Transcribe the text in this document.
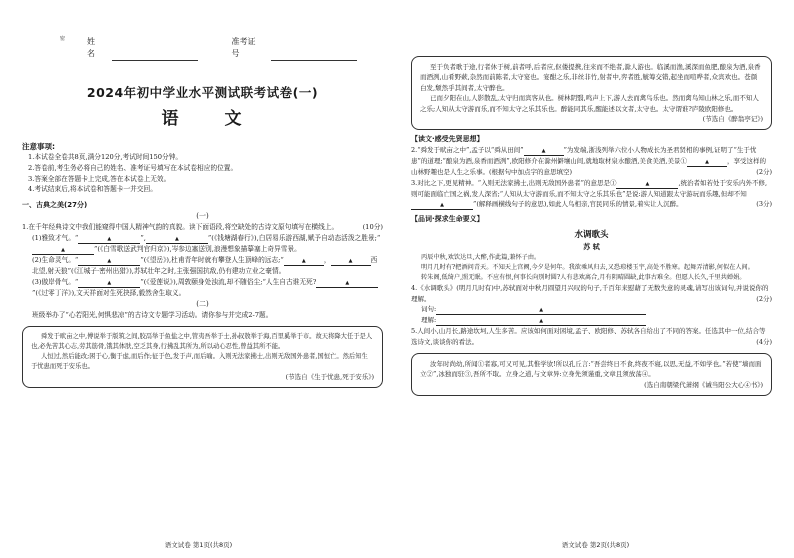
密	姓名
准考证号
2024年初中学业水平测试联考试卷(一)
语 文
注意事项:
1.本试卷全卷共8页,满分120分,考试时间150分钟。
2.答卷前,考生务必将自己的姓名、准考证号填写在本试卷相应的位置。
3.答案全部在答题卡上完成,答在本试卷上无效。
4.考试结束后,将本试卷和答题卡一并交回。
一、古典之美(27分)
(一)
1.在千年经典诗文中我们能窥得中国人精神气韵的真貌。读下面语段,将空缺处的古诗文原句填写在横线上。	(10分)
(1)雅致才气。“	▲	”,	▲	”(《钱塘湖春行》),白居易乐游西湖,赋予自动态活泼之胜景;“▲	”(《白雪歌送武判官归京》),岑参边塞送别,浪漫想象描摹塞上奇异雪景。
(2)生命灵气。“	▲	”(《望岳》),杜甫青年时就有攀登人生顶峰的远志;“	▲	，	▲	西北望,射天狼”(《江城子·密州出猎》),苏轼壮年之时,主张强国抗敌,仍有建功立业之豪情。
(3)傲岸骨气。“	▲	”(《爱莲说》),周敦颐身处浊流,却不随俗尘;“人生自古谁无死?	▲”(《过零丁洋》),文天祥面对生死抉择,毅然舍生取义。
(二)
班级举办了“心若阳光,何惧悲凉”的古诗文专题学习活动。请你参与并完成2-7题。
舜发于畎亩之中,傅说举于版筑之间,胶鬲举于鱼盐之中,管夷吾举于士,孙叔敖举于海,百里奚举于市。故天将降大任于是人也,必先苦其心志,劳其筋骨,饿其体肤,空乏其身,行拂乱其所为,所以动心忍性,曾益其所不能。
人恒过,然后能改;困于心,衡于虑,而后作;征于色,发于声,而后喻。入则无法家拂士,出则无敌国外患者,国恒亡。然后知生于忧患而死于安乐也。
(节选自《生于忧患,死于安乐》)
语文试卷 第1页(共8页)
至于负者歌于途,行者休于树,前者呼,后者应,伛偻提携,往来而不绝者,滁人游也。临溪而渔,溪深而鱼肥,酿泉为酒,泉香而酒洌,山肴野蔌,杂然而前陈者,太守宴也。宴酣之乐,非丝非竹,射者中,弈者胜,觥筹交错,起坐而喧哗者,众宾欢也。苍颜白发,颓然乎其间者,太守醉也。
已而夕阳在山,人影散乱,太守归而宾客从也。树林阴翳,鸣声上下,游人去而禽鸟乐也。然而禽鸟知山林之乐,而不知人之乐;人知从太守游而乐,而不知太守之乐其乐也。醉能同其乐,醒能述以文者,太守也。太守谓谁?庐陵欧阳修也。
(节选自《醉翁亭记》)
【读文·感受先贤思想】
2.“舜发于畎亩之中”,孟子以“舜从田间”	▲	”为发端,浙浅列举六位小人物成长为圣君贤相的事例,证明了“生于忧患”的道理;“酿泉为酒,泉香而酒洌”,欧阳修介在滁州僻壤山间,就地取材泉水酿酒,美食美酒,美景①	▲	，享受这样的山林野趣也是人生之乐事。(根据句中加点字的意思填空)	(2分)
3.对比之下,更见精神。“入则无法家拂士,出则无敌国外患者”的意思是①	▲	,统治者如若处于安乐内外不修,则可能面临亡国之祸,发人深省;“人知从太守游而乐,而不知太守之乐其乐也”是说:游人知道跟太守游玩而乐趣,但却不知▲	”(解释画横线句子的意思),如此人鸟相亲,官民同乐的情景,着实让人沉醉。	(3分)
【品词·探求生命要义】
水调歌头
苏 轼
丙辰中秋,欢饮达旦,大醉,作此篇,兼怀子由。
明月几时有?把酒问青天。不知天上宫阙,今夕是何年。我欲乘风归去,又恐琼楼玉宇,高处不胜寒。起舞弄清影,何似在人间。
转朱阁,低绮户,照无眠。不应有恨,何事长向别时圆?人有悲欢离合,月有阴晴圆缺,此事古难全。但愿人长久,千里共婵娟。
4.《水调歌头》(明月几时有)中,苏轼面对中秋月圆望月兴叹的句子,千百年来慰藉了无数失意的灵魂,请写出该词句,并说说你的理解。	(2分)
词句:	▲
理解:	▲
5.人间小,山月长,路途坎坷,人生多苦。应该如何面对困境,孟子、欧阳修、苏轼各自给出了不同的答案。任选其中一位,结合等选诗文,谈谈你的看法。	(4分)
汝年时尚幼,所闻①者寡,可又可见,其惟学欤!所以孔丘言:“吾尝终日不食,终夜不寝,以思,无益,不如学也。”若使“墙而面立②”,冰独而驻③,吾所不取。立身之道,与文章异:立身先须谨重,文章且须放荡④。
(选自南朝梁代萧纲《诫当阳公大心④书》)
语文试卷 第2页(共8页)
